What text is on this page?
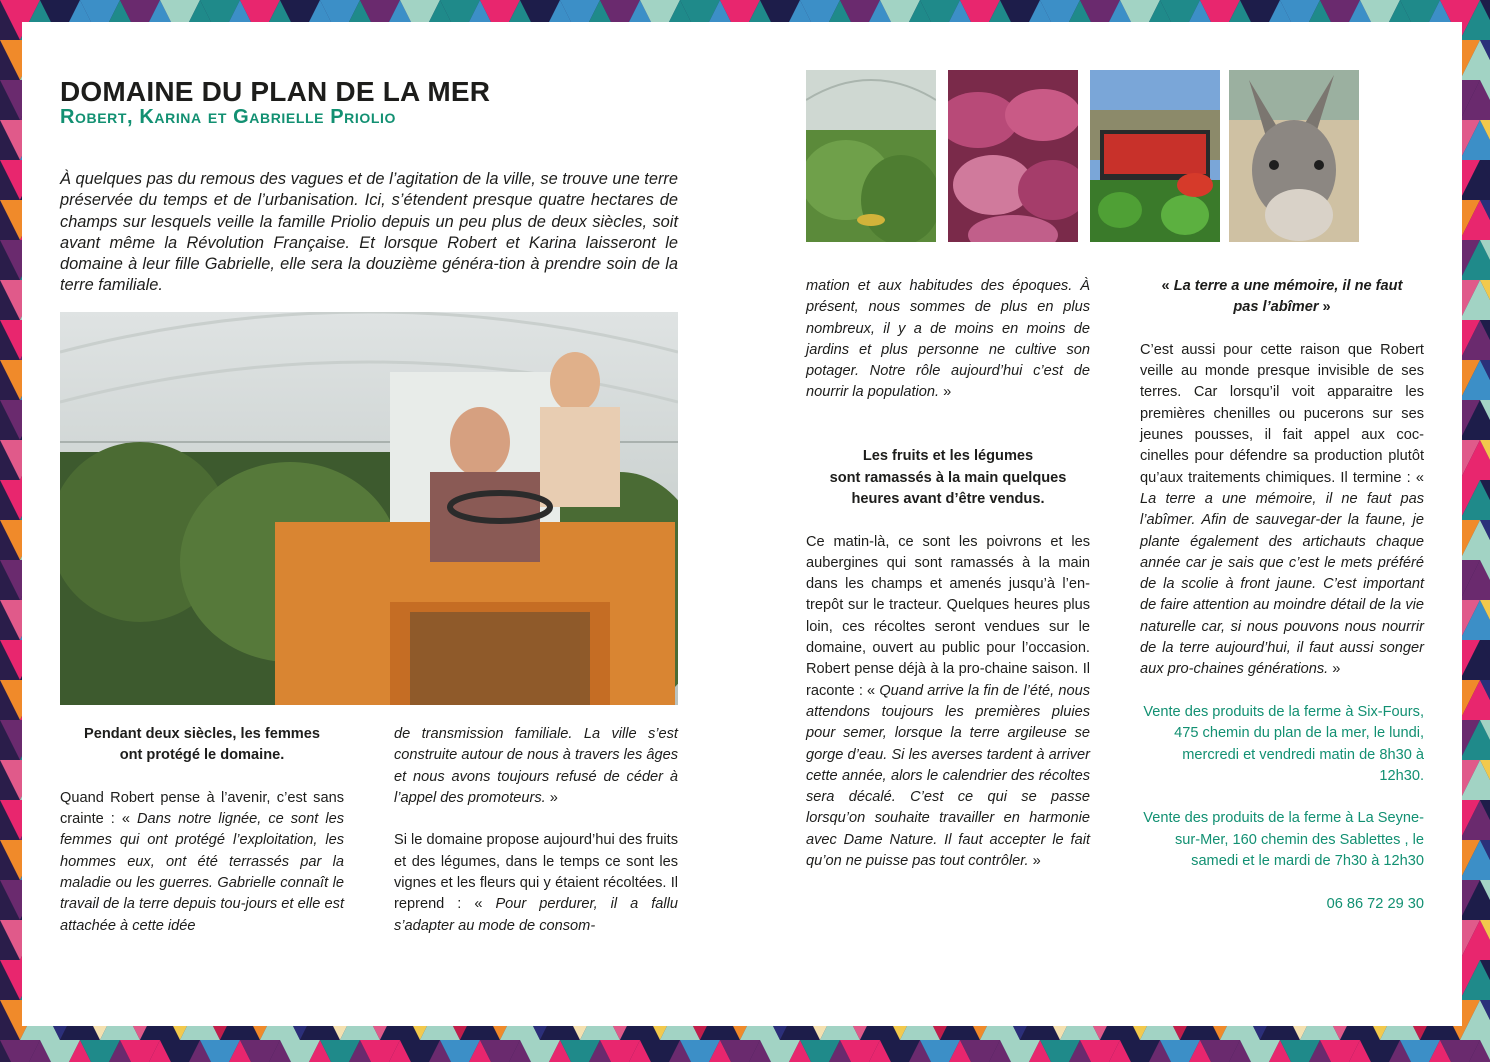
DOMAINE DU PLAN DE LA MER
Robert, Karina et Gabrielle Priolio

À quelques pas du remous des vagues et de l’agitation de la ville, se trouve une terre préservée du temps et de l’urbanisation. Ici, s’étendent presque quatre hectares de champs sur lesquels veille la famille Priolio depuis un peu plus de deux siècles, soit avant même la Révolution Française. Et lorsque Robert et Karina laisseront le domaine à leur fille Gabrielle, elle sera la douzième généra-tion à prendre soin de la terre familiale.

Pendant deux siècles, les femmes
ont protégé le domaine.

Quand Robert pense à l’avenir, c’est sans crainte : « Dans notre lignée, ce sont les femmes qui ont protégé l’exploitation, les hommes eux, ont été terrassés par la maladie ou les guerres. Gabrielle connaît le travail de la terre depuis tou-jours et elle est attachée à cette idée

de transmission familiale. La ville s’est construite autour de nous à travers les âges et nous avons toujours refusé de céder à l’appel des promoteurs. »

Si le domaine propose aujourd’hui des fruits et des légumes, dans le temps ce sont les vignes et les fleurs qui y étaient récoltées. Il reprend : « Pour perdurer, il a fallu s’adapter au mode de consom-

mation et aux habitudes des époques. À présent, nous sommes de plus en plus nombreux, il y a de moins en moins de jardins et plus personne ne cultive son potager. Notre rôle aujourd’hui c’est de nourrir la population. »

Les fruits et les légumes
sont ramassés à la main quelques
heures avant d’être vendus.

Ce matin-là, ce sont les poivrons et les aubergines qui sont ramassés à la main dans les champs et amenés jusqu’à l’en-trepôt sur le tracteur. Quelques heures plus loin, ces récoltes seront vendues sur le domaine, ouvert au public pour l’occasion. Robert pense déjà à la pro-chaine saison. Il raconte : « Quand arrive la fin de l’été, nous attendons toujours les premières pluies pour semer, lorsque la terre argileuse se gorge d’eau. Si les averses tardent à arriver cette année, alors le calendrier des récoltes sera décalé. C’est ce qui se passe lorsqu’on souhaite travailler en harmonie avec Dame Nature. Il faut accepter le fait qu’on ne puisse pas tout contrôler. »

« La terre a une mémoire, il ne faut
pas l’abîmer »

C’est aussi pour cette raison que Robert veille au monde presque invisible de ses terres. Car lorsqu’il voit apparaitre les premières chenilles ou pucerons sur ses jeunes pousses, il fait appel aux coc-cinelles pour défendre sa production plutôt qu’aux traitements chimiques. Il termine : « La terre a une mémoire, il ne faut pas l’abîmer. Afin de sauvegar-der la faune, je plante également des artichauts chaque année car je sais que c’est le mets préféré de la scolie à front jaune. C’est important de faire attention au moindre détail de la vie naturelle car, si nous pouvons nous nourrir de la terre aujourd’hui, il faut aussi songer aux pro-chaines générations. »

Vente des produits de la ferme à Six-Fours, 475 chemin du plan de la mer, le lundi, mercredi et vendredi matin de 8h30 à 12h30.

Vente des produits de la ferme à La Seyne-sur-Mer, 160 chemin des Sablettes , le samedi et le mardi de 7h30 à 12h30

06 86 72 29 30
